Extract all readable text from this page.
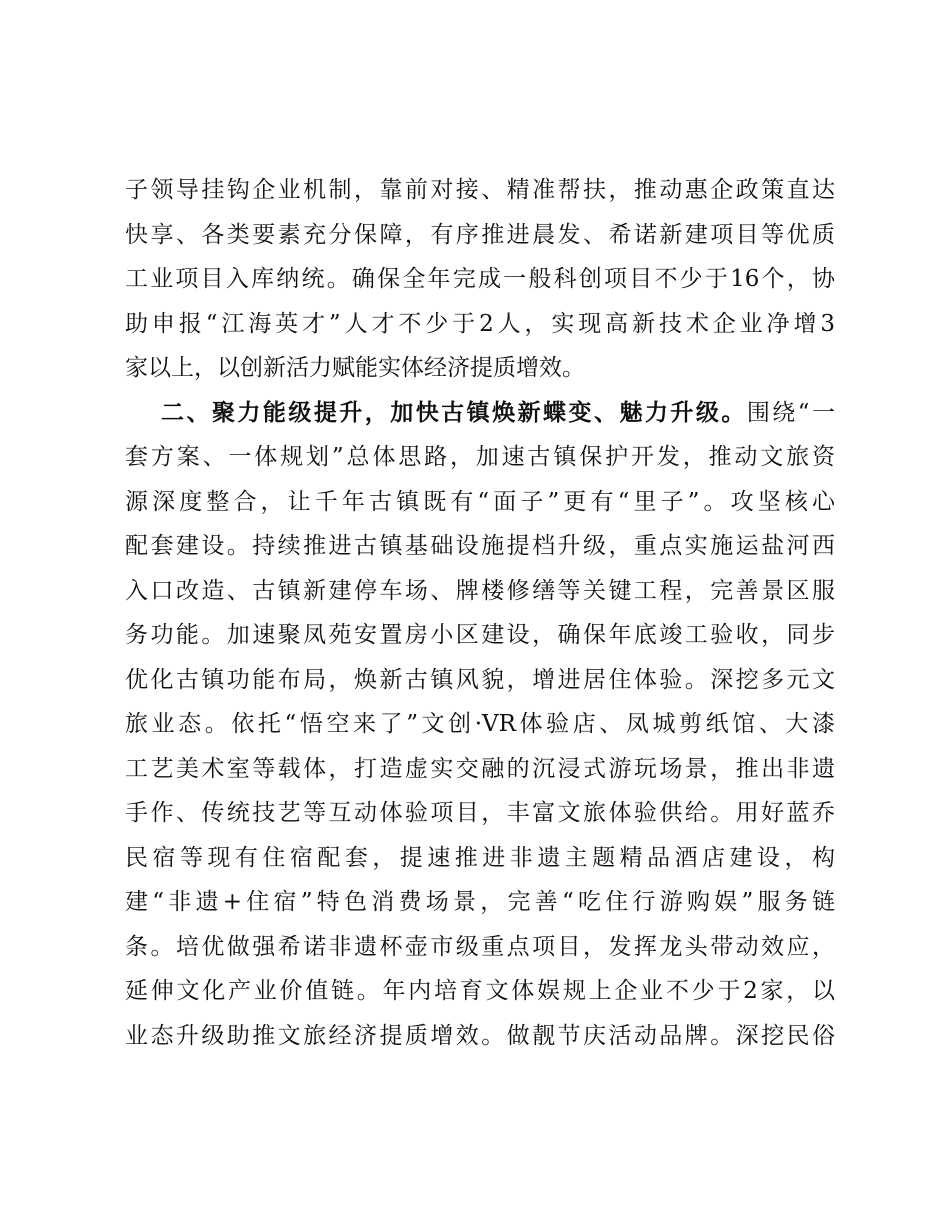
子领导挂钩企业机制，靠前对接、精准帮扶，推动惠企政策直达
快享、各类要素充分保障，有序推进晨发、希诺新建项目等优质
工业项目入库纳统。确保全年完成一般科创项目不少于16个，协
助申报“江海英才”人才不少于2人，实现高新技术企业净增3
家以上，以创新活力赋能实体经济提质增效。
二、聚力能级提升，加快古镇焕新蝶变、魅力升级。围绕“一
套方案、一体规划”总体思路，加速古镇保护开发，推动文旅资
源深度整合，让千年古镇既有“面子”更有“里子”。攻坚核心
配套建设。持续推进古镇基础设施提档升级，重点实施运盐河西
入口改造、古镇新建停车场、牌楼修缮等关键工程，完善景区服
务功能。加速聚凤苑安置房小区建设，确保年底竣工验收，同步
优化古镇功能布局，焕新古镇风貌，增进居住体验。深挖多元文
旅业态。依托“悟空来了”文创·VR体验店、凤城剪纸馆、大漆
工艺美术室等载体，打造虚实交融的沉浸式游玩场景，推出非遗
手作、传统技艺等互动体验项目，丰富文旅体验供给。用好蓝乔
民宿等现有住宿配套，提速推进非遗主题精品酒店建设，构
建“非遗+住宿”特色消费场景，完善“吃住行游购娱”服务链
条。培优做强希诺非遗杯壶市级重点项目，发挥龙头带动效应，
延伸文化产业价值链。年内培育文体娱规上企业不少于2家，以
业态升级助推文旅经济提质增效。做靓节庆活动品牌。深挖民俗
